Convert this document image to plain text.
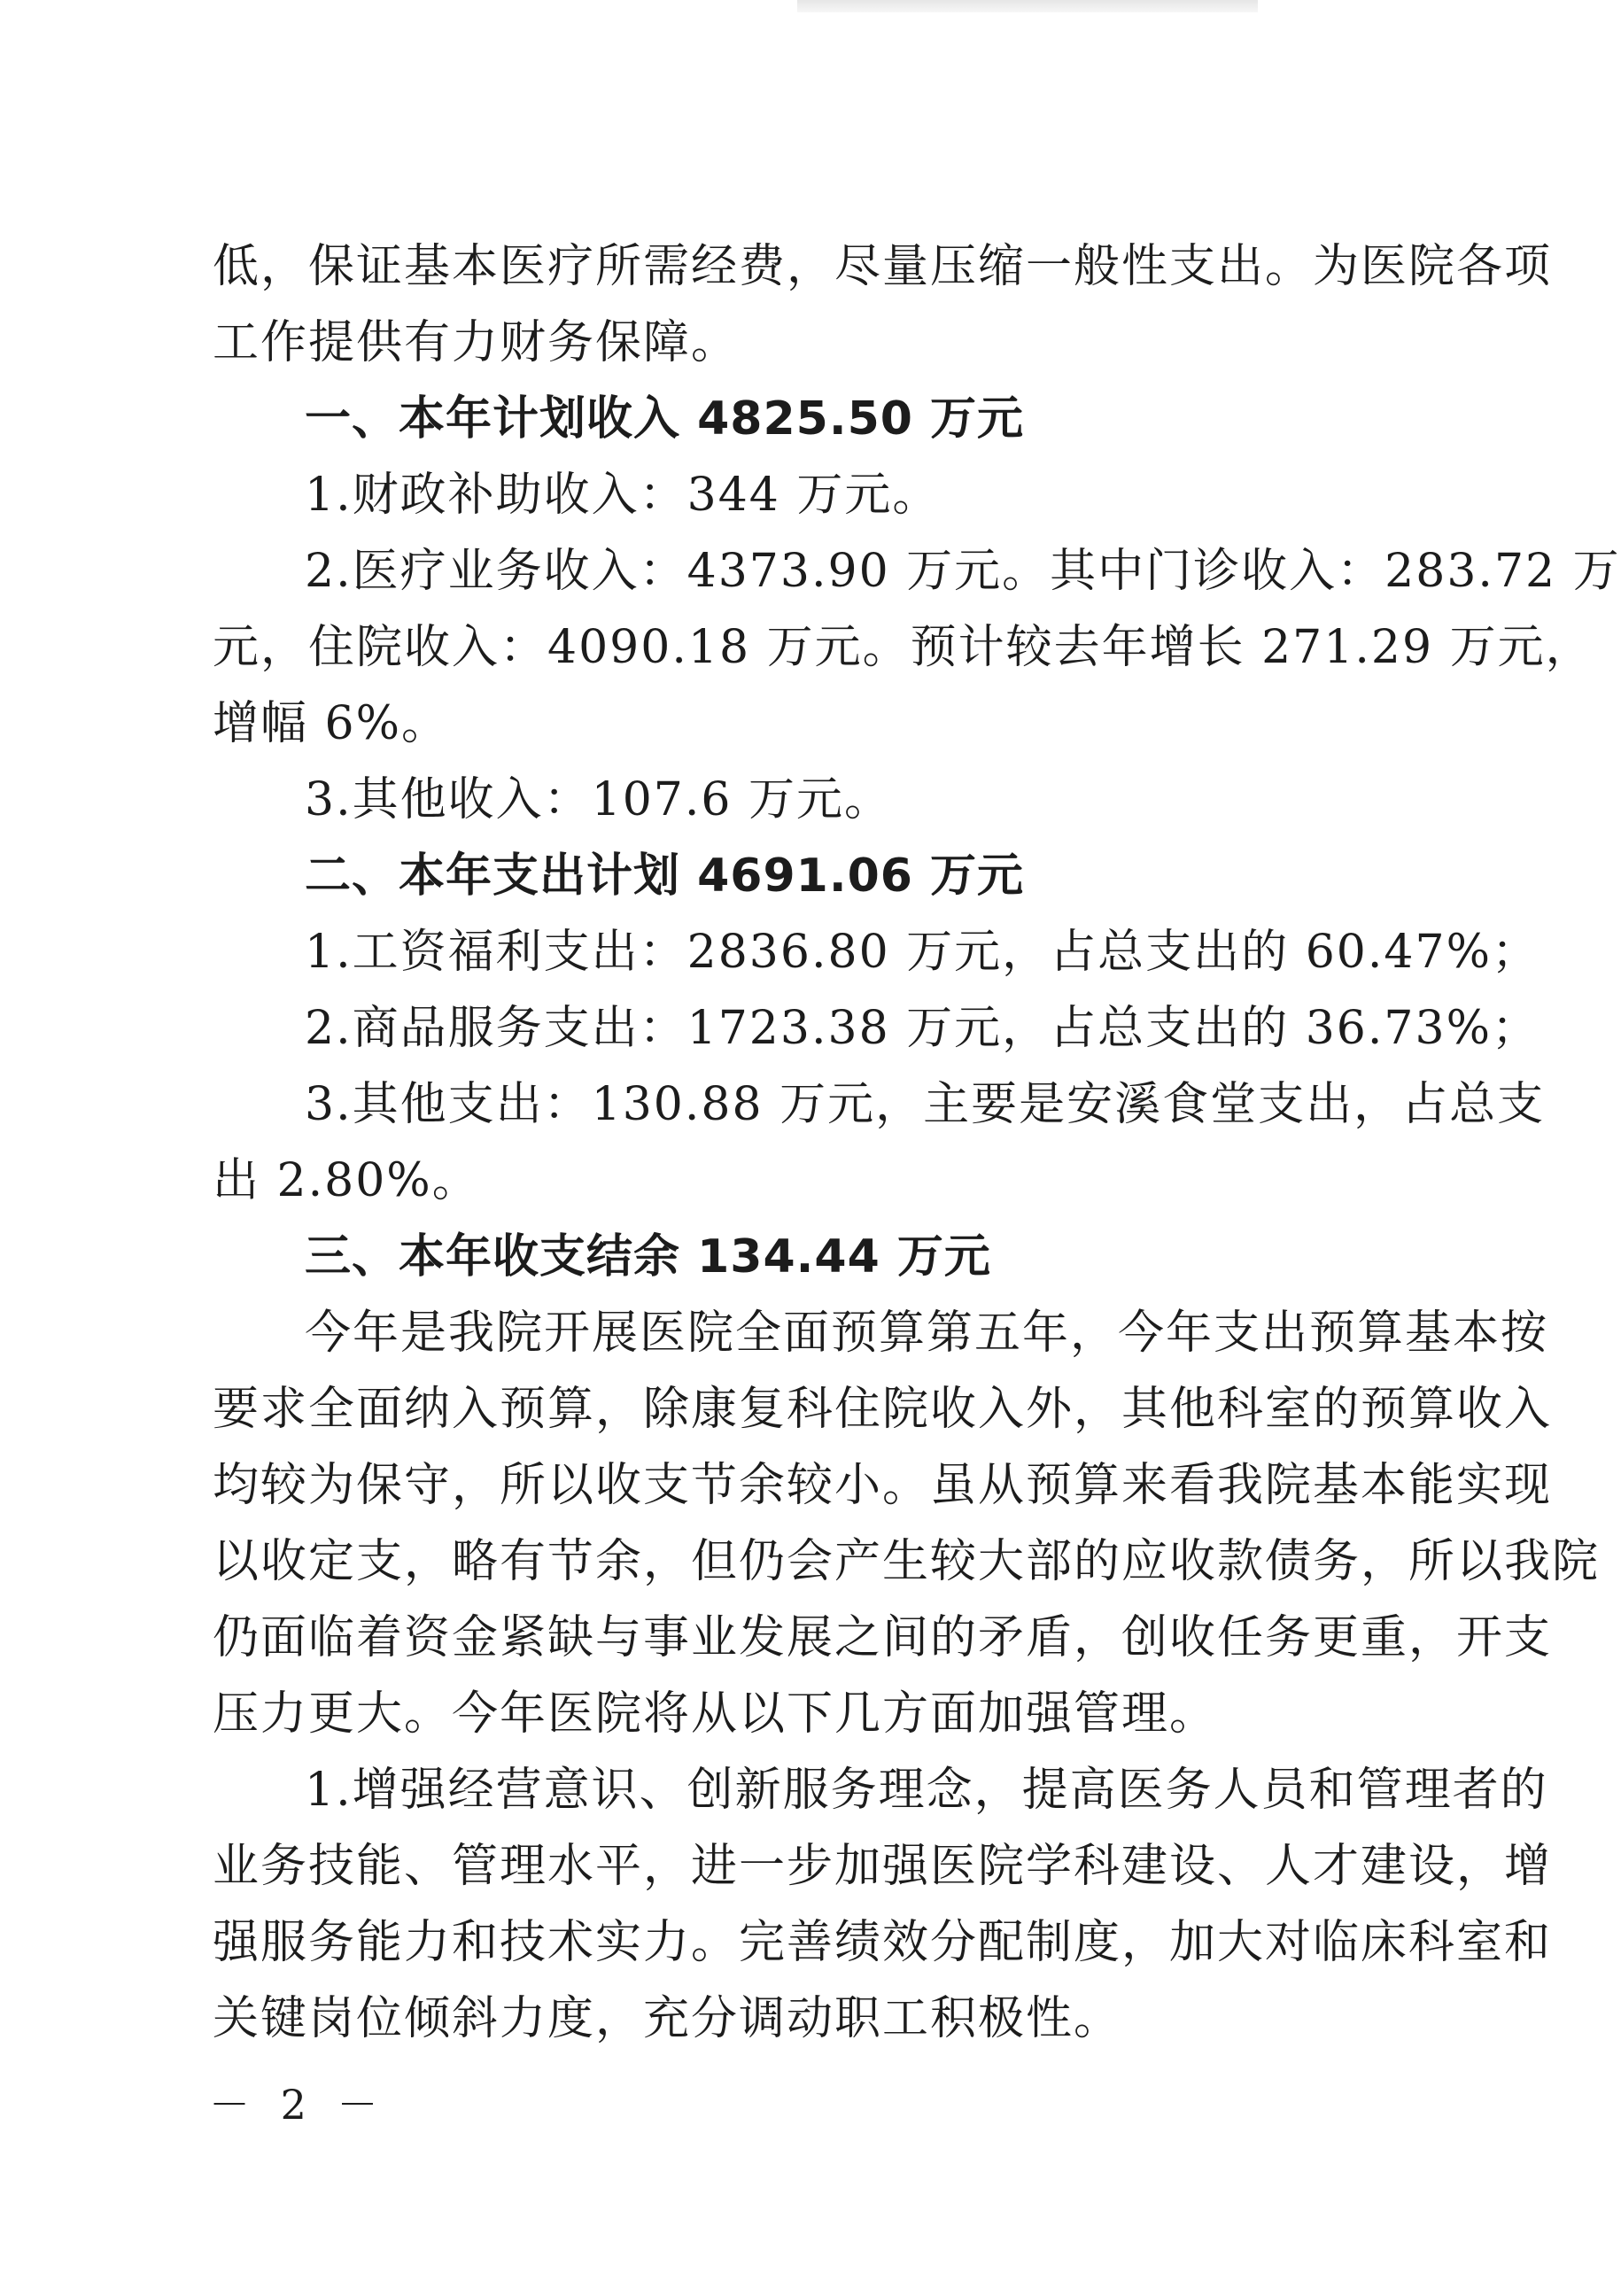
低，保证基本医疗所需经费，尽量压缩一般性支出。为医院各项
工作提供有力财务保障。
一、本年计划收入 4825.50 万元
1.财政补助收入：344 万元。
2.医疗业务收入：4373.90 万元。其中门诊收入：283.72 万
元，住院收入：4090.18 万元。预计较去年增长 271.29 万元，
增幅 6%。
3.其他收入：107.6 万元。
二、本年支出计划 4691.06 万元
1.工资福利支出：2836.80 万元，占总支出的 60.47%；
2.商品服务支出：1723.38 万元，占总支出的 36.73%；
3.其他支出：130.88 万元，主要是安溪食堂支出，占总支
出 2.80%。
三、本年收支结余 134.44 万元
今年是我院开展医院全面预算第五年，今年支出预算基本按
要求全面纳入预算，除康复科住院收入外，其他科室的预算收入
均较为保守，所以收支节余较小。虽从预算来看我院基本能实现
以收定支，略有节余，但仍会产生较大部的应收款债务，所以我院
仍面临着资金紧缺与事业发展之间的矛盾，创收任务更重，开支
压力更大。今年医院将从以下几方面加强管理。
1.增强经营意识、创新服务理念，提高医务人员和管理者的
业务技能、管理水平，进一步加强医院学科建设、人才建设，增
强服务能力和技术实力。完善绩效分配制度，加大对临床科室和
关键岗位倾斜力度，充分调动职工积极性。
－ 2 －
